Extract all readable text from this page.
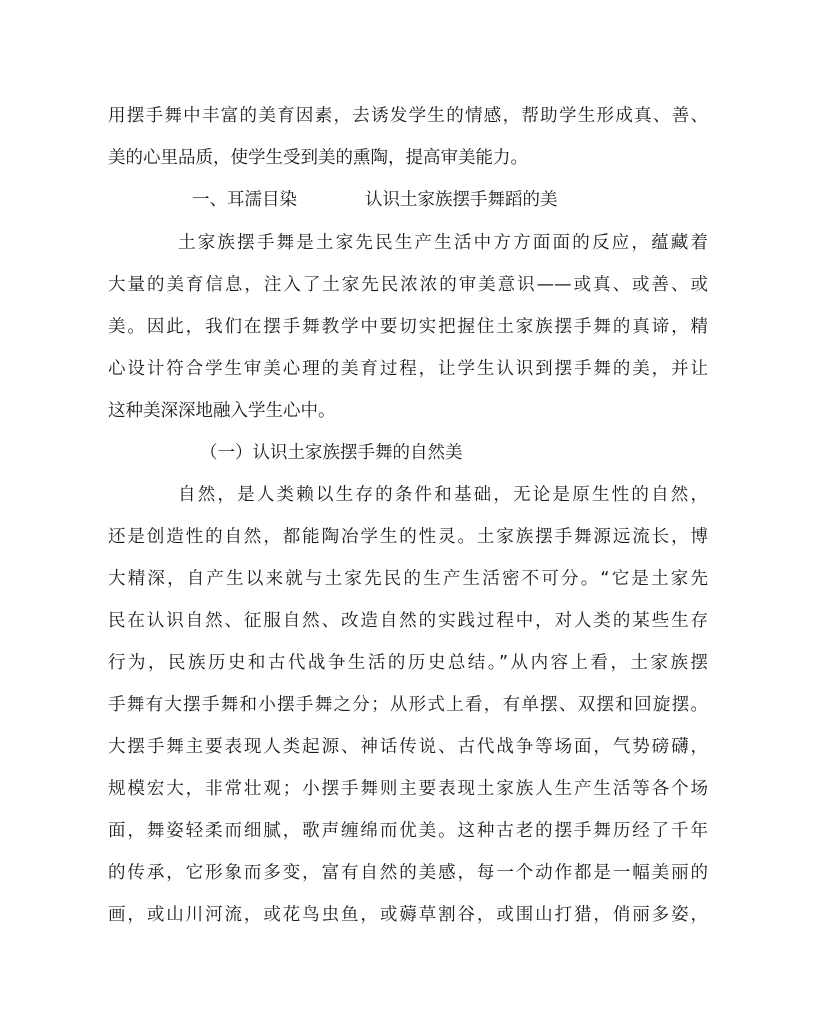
用摆手舞中丰富的美育因素，去诱发学生的情感，帮助学生形成真、善、
美的心里品质，使学生受到美的熏陶，提高审美能力。
一、耳濡目染	认识土家族摆手舞蹈的美
土家族摆手舞是土家先民生产生活中方方面面的反应，蕴藏着
大量的美育信息，注入了土家先民浓浓的审美意识——或真、或善、或
美。因此，我们在摆手舞教学中要切实把握住土家族摆手舞的真谛，精
心设计符合学生审美心理的美育过程，让学生认识到摆手舞的美，并让
这种美深深地融入学生心中。
（一）认识土家族摆手舞的自然美
自然，是人类赖以生存的条件和基础，无论是原生性的自然，
还是创造性的自然，都能陶冶学生的性灵。土家族摆手舞源远流长，博
大精深，自产生以来就与土家先民的生产生活密不可分。“它是土家先
民在认识自然、征服自然、改造自然的实践过程中，对人类的某些生存
行为，民族历史和古代战争生活的历史总结。”从内容上看，土家族摆
手舞有大摆手舞和小摆手舞之分；从形式上看，有单摆、双摆和回旋摆。
大摆手舞主要表现人类起源、神话传说、古代战争等场面，气势磅礴，
规模宏大，非常壮观；小摆手舞则主要表现土家族人生产生活等各个场
面，舞姿轻柔而细腻，歌声缠绵而优美。这种古老的摆手舞历经了千年
的传承，它形象而多变，富有自然的美感，每一个动作都是一幅美丽的
画，或山川河流，或花鸟虫鱼，或薅草割谷，或围山打猎，俏丽多姿，
